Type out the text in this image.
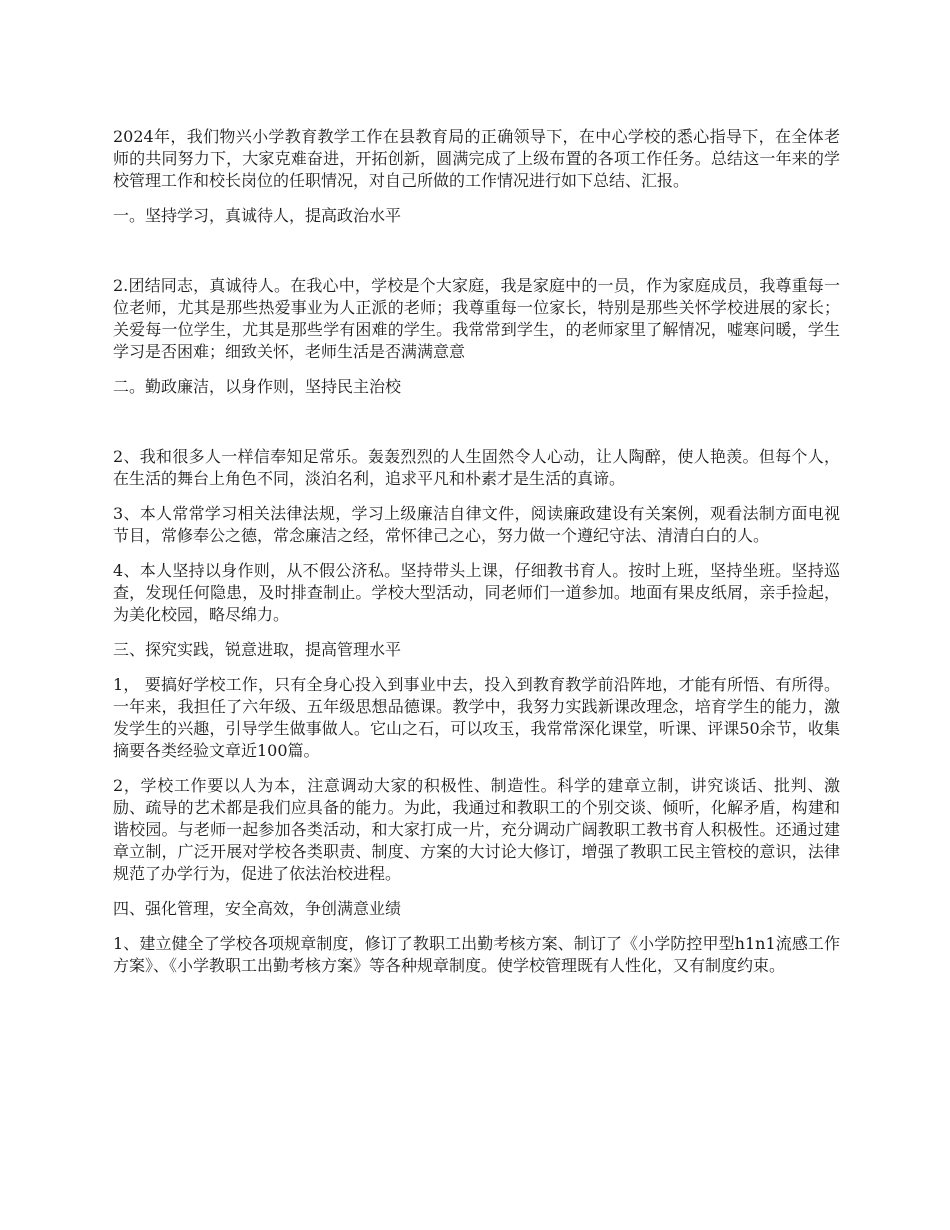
2024年，我们物兴小学教育教学工作在县教育局的正确领导下，在中心学校的悉心指导下，在全体老师的共同努力下，大家克难奋进，开拓创新，圆满完成了上级布置的各项工作任务。总结这一年来的学校管理工作和校长岗位的任职情况，对自己所做的工作情况进行如下总结、汇报。

一。坚持学习，真诚待人，提高政治水平

2.团结同志，真诚待人。在我心中，学校是个大家庭，我是家庭中的一员，作为家庭成员，我尊重每一位老师，尤其是那些热爱事业为人正派的老师；我尊重每一位家长，特别是那些关怀学校进展的家长；关爱每一位学生，尤其是那些学有困难的学生。我常常到学生，的老师家里了解情况，嘘寒问暖，学生学习是否困难；细致关怀，老师生活是否满满意意

二。勤政廉洁，以身作则，坚持民主治校

2、我和很多人一样信奉知足常乐。轰轰烈烈的人生固然令人心动，让人陶醉，使人艳羡。但每个人，在生活的舞台上角色不同，淡泊名利，追求平凡和朴素才是生活的真谛。

3、本人常常学习相关法律法规，学习上级廉洁自律文件，阅读廉政建设有关案例，观看法制方面电视节目，常修奉公之德，常念廉洁之经，常怀律己之心，努力做一个遵纪守法、清清白白的人。

4、本人坚持以身作则，从不假公济私。坚持带头上课，仔细教书育人。按时上班，坚持坐班。坚持巡查，发现任何隐患，及时排查制止。学校大型活动，同老师们一道参加。地面有果皮纸屑，亲手捡起，为美化校园，略尽绵力。

三、探究实践，锐意进取，提高管理水平

1， 要搞好学校工作，只有全身心投入到事业中去，投入到教育教学前沿阵地，才能有所悟、有所得。一年来，我担任了六年级、五年级思想品德课。教学中，我努力实践新课改理念，培育学生的能力，激发学生的兴趣，引导学生做事做人。它山之石，可以攻玉，我常常深化课堂，听课、评课50余节，收集摘要各类经验文章近100篇。

2，学校工作要以人为本，注意调动大家的积极性、制造性。科学的建章立制，讲究谈话、批判、激励、疏导的艺术都是我们应具备的能力。为此，我通过和教职工的个别交谈、倾听，化解矛盾，构建和谐校园。与老师一起参加各类活动，和大家打成一片，充分调动广阔教职工教书育人积极性。还通过建章立制，广泛开展对学校各类职责、制度、方案的大讨论大修订，增强了教职工民主管校的意识，法律规范了办学行为，促进了依法治校进程。

四、强化管理，安全高效，争创满意业绩

1、建立健全了学校各项规章制度，修订了教职工出勤考核方案、制订了《小学防控甲型h1n1流感工作方案》、《小学教职工出勤考核方案》等各种规章制度。使学校管理既有人性化，又有制度约束。
